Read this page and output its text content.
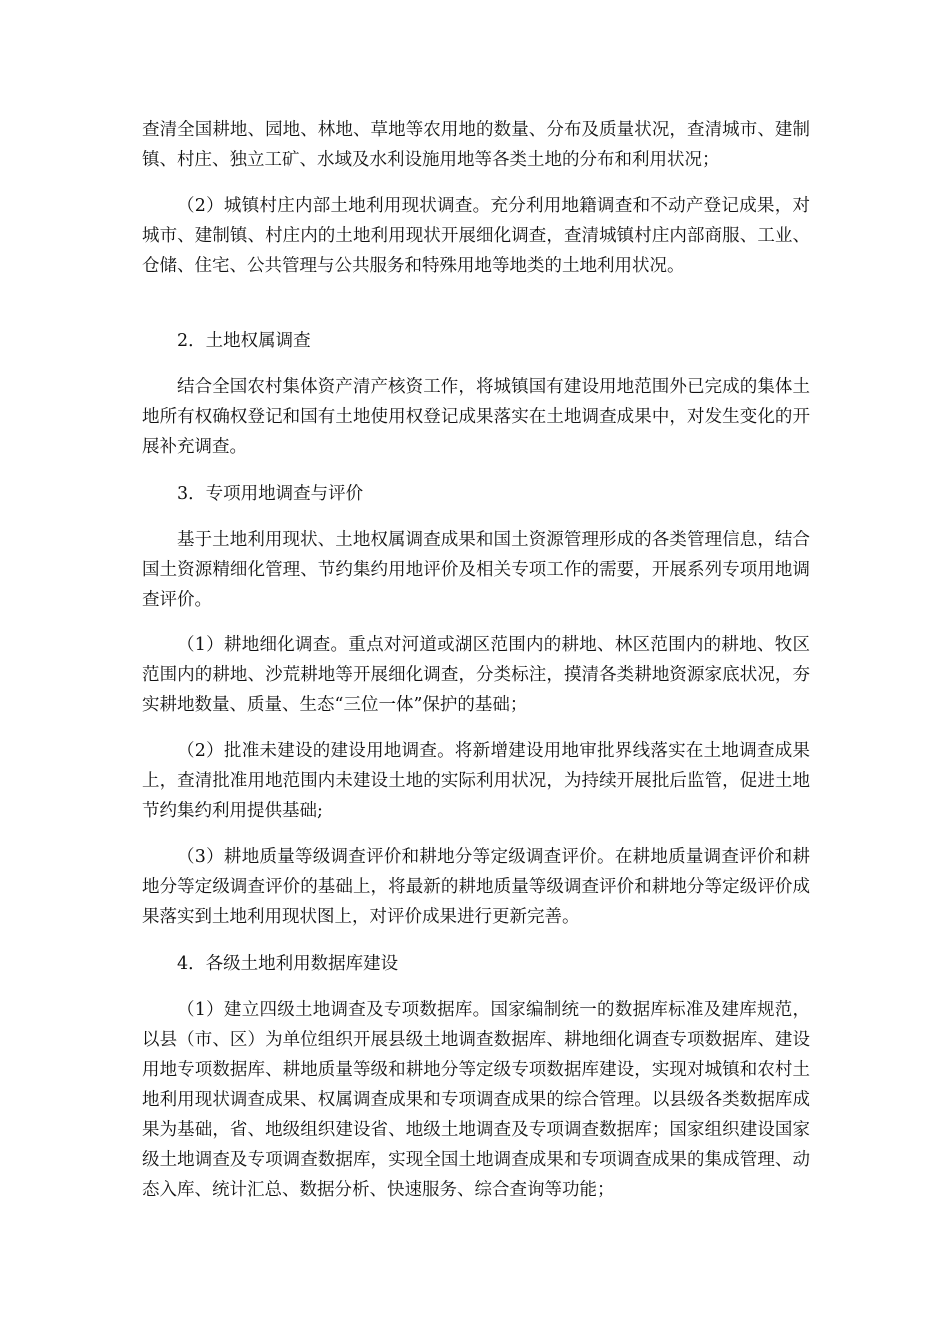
查清全国耕地、园地、林地、草地等农用地的数量、分布及质量状况，查清城市、建制镇、村庄、独立工矿、水域及水利设施用地等各类土地的分布和利用状况；

（2）城镇村庄内部土地利用现状调查。充分利用地籍调查和不动产登记成果，对城市、建制镇、村庄内的土地利用现状开展细化调查，查清城镇村庄内部商服、工业、仓储、住宅、公共管理与公共服务和特殊用地等地类的土地利用状况。

2．土地权属调查

结合全国农村集体资产清产核资工作，将城镇国有建设用地范围外已完成的集体土地所有权确权登记和国有土地使用权登记成果落实在土地调查成果中，对发生变化的开展补充调查。

3．专项用地调查与评价

基于土地利用现状、土地权属调查成果和国土资源管理形成的各类管理信息，结合国土资源精细化管理、节约集约用地评价及相关专项工作的需要，开展系列专项用地调查评价。

（1）耕地细化调查。重点对河道或湖区范围内的耕地、林区范围内的耕地、牧区范围内的耕地、沙荒耕地等开展细化调查，分类标注，摸清各类耕地资源家底状况，夯实耕地数量、质量、生态“三位一体”保护的基础；

（2）批准未建设的建设用地调查。将新增建设用地审批界线落实在土地调查成果上，查清批准用地范围内未建设土地的实际利用状况，为持续开展批后监管，促进土地节约集约利用提供基础;

（3）耕地质量等级调查评价和耕地分等定级调查评价。在耕地质量调查评价和耕地分等定级调查评价的基础上，将最新的耕地质量等级调查评价和耕地分等定级评价成果落实到土地利用现状图上，对评价成果进行更新完善。

4．各级土地利用数据库建设

（1）建立四级土地调查及专项数据库。国家编制统一的数据库标准及建库规范，以县（市、区）为单位组织开展县级土地调查数据库、耕地细化调查专项数据库、建设用地专项数据库、耕地质量等级和耕地分等定级专项数据库建设，实现对城镇和农村土地利用现状调查成果、权属调查成果和专项调查成果的综合管理。以县级各类数据库成果为基础，省、地级组织建设省、地级土地调查及专项调查数据库；国家组织建设国家级土地调查及专项调查数据库，实现全国土地调查成果和专项调查成果的集成管理、动态入库、统计汇总、数据分析、快速服务、综合查询等功能；
